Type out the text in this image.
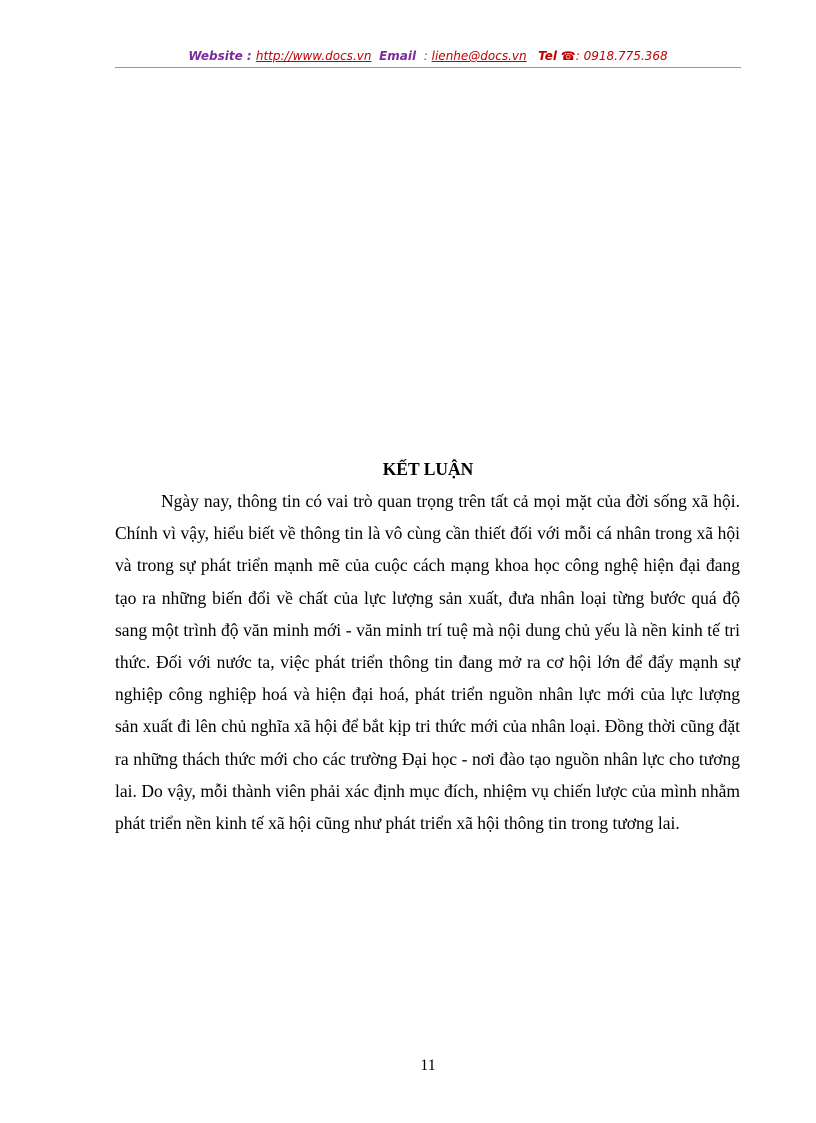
Website : http://www.docs.vn Email  : lienhe@docs.vn Tel ☎: 0918.775.368
KẾT LUẬN

Ngày nay, thông tin có vai trò quan trọng trên tất cả mọi mặt của đời sống xã hội. Chính vì vậy, hiểu biết về thông tin là vô cùng cần thiết đối với mỗi cá nhân trong xã hội và trong sự phát triển mạnh mẽ của cuộc cách mạng khoa học công nghệ hiện đại đang tạo ra những biến đổi về chất của lực lượng sản xuất, đưa nhân loại từng bước quá độ sang một trình độ văn minh mới - văn minh trí tuệ mà nội dung chủ yếu là nền kinh tế tri thức. Đối với nước ta, việc phát triển thông tin đang mở ra cơ hội lớn để đẩy mạnh sự nghiệp công nghiệp hoá và hiện đại hoá, phát triển nguồn nhân lực mới của lực lượng sản xuất đi lên chủ nghĩa xã hội để bắt kịp tri thức mới của nhân loại. Đồng thời cũng đặt ra những thách thức mới cho các trường Đại học - nơi đào tạo nguồn nhân lực cho tương lai. Do vậy, mỗi thành viên phải xác định mục đích, nhiệm vụ chiến lược của mình nhằm phát triển nền kinh tế xã hội cũng như phát triển xã hội thông tin trong tương lai.

11
